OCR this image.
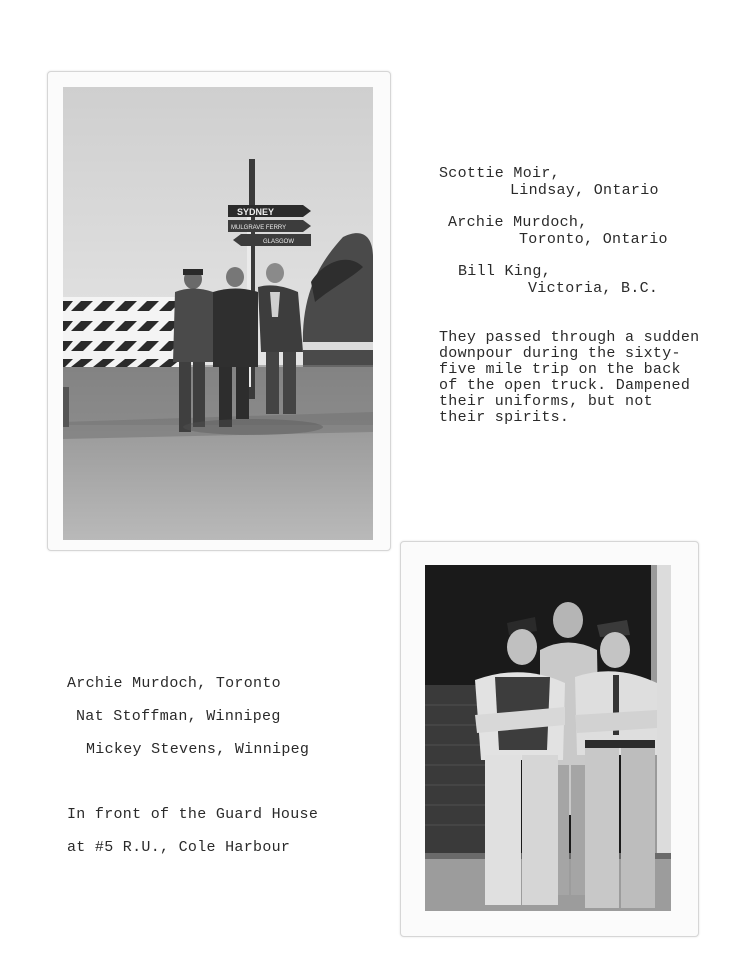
SYDNEY
MULGRAVE FERRY
GLASGOW
Scottie Moir,
Lindsay, Ontario
Archie Murdoch,
Toronto, Ontario
Bill King,
Victoria, B.C.
They passed through a sudden
downpour during the sixty-
five mile trip on the back
of the open truck. Dampened
their uniforms, but not
their spirits.
Archie Murdoch, Toronto
Nat Stoffman, Winnipeg
Mickey Stevens, Winnipeg
In front of the Guard House
at #5 R.U., Cole Harbour
